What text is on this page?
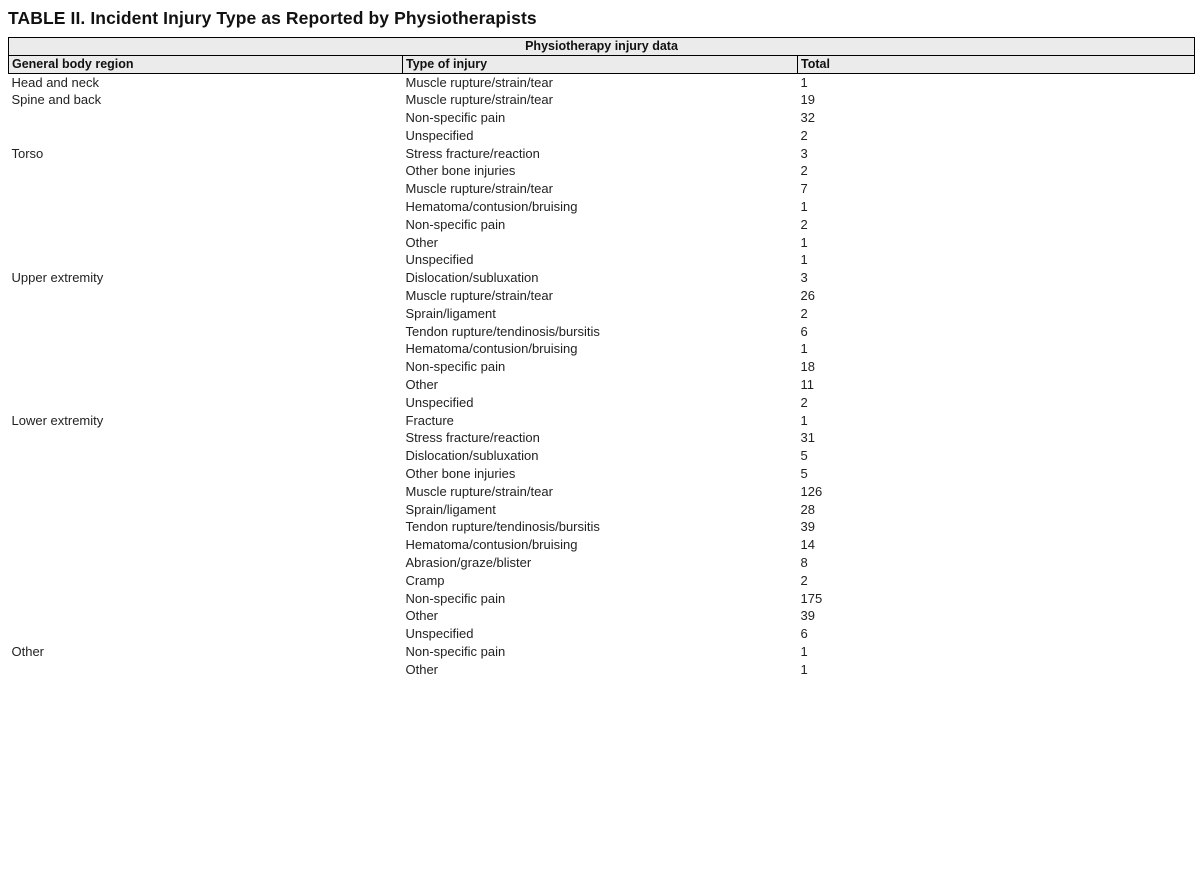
TABLE II. Incident Injury Type as Reported by Physiotherapists
Physiotherapy injury data		
General body region	Type of injury	Total
Head and neck	Muscle rupture/strain/tear	1
Spine and back	Muscle rupture/strain/tear	19
	Non-specific pain	32
	Unspecified	2
Torso	Stress fracture/reaction	3
	Other bone injuries	2
	Muscle rupture/strain/tear	7
	Hematoma/contusion/bruising	1
	Non-specific pain	2
	Other	1
	Unspecified	1
Upper extremity	Dislocation/subluxation	3
	Muscle rupture/strain/tear	26
	Sprain/ligament	2
	Tendon rupture/tendinosis/bursitis	6
	Hematoma/contusion/bruising	1
	Non-specific pain	18
	Other	11
	Unspecified	2
Lower extremity	Fracture	1
	Stress fracture/reaction	31
	Dislocation/subluxation	5
	Other bone injuries	5
	Muscle rupture/strain/tear	126
	Sprain/ligament	28
	Tendon rupture/tendinosis/bursitis	39
	Hematoma/contusion/bruising	14
	Abrasion/graze/blister	8
	Cramp	2
	Non-specific pain	175
	Other	39
	Unspecified	6
Other	Non-specific pain	1
	Other	1
